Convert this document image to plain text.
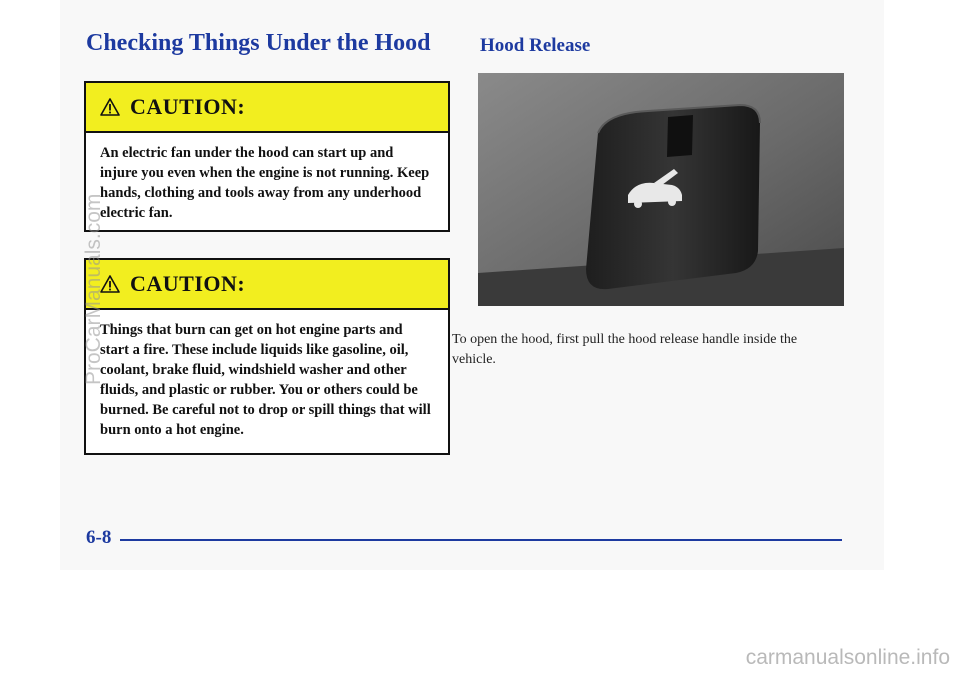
Checking Things Under the Hood	Hood Release
CAUTION:
An electric fan under the hood can start up and injure you even when the engine is not running. Keep hands, clothing and tools away from any underhood electric fan.
CAUTION:
Things that burn can get on hot engine parts and start a fire. These include liquids like gasoline, oil, coolant, brake fluid, windshield washer and other fluids, and plastic or rubber. You or others could be burned. Be careful not to drop or spill things that will burn onto a hot engine.
To open the hood, first pull the hood release handle inside the vehicle.
6-8
ProCarManuals.com
carmanualsonline.info
